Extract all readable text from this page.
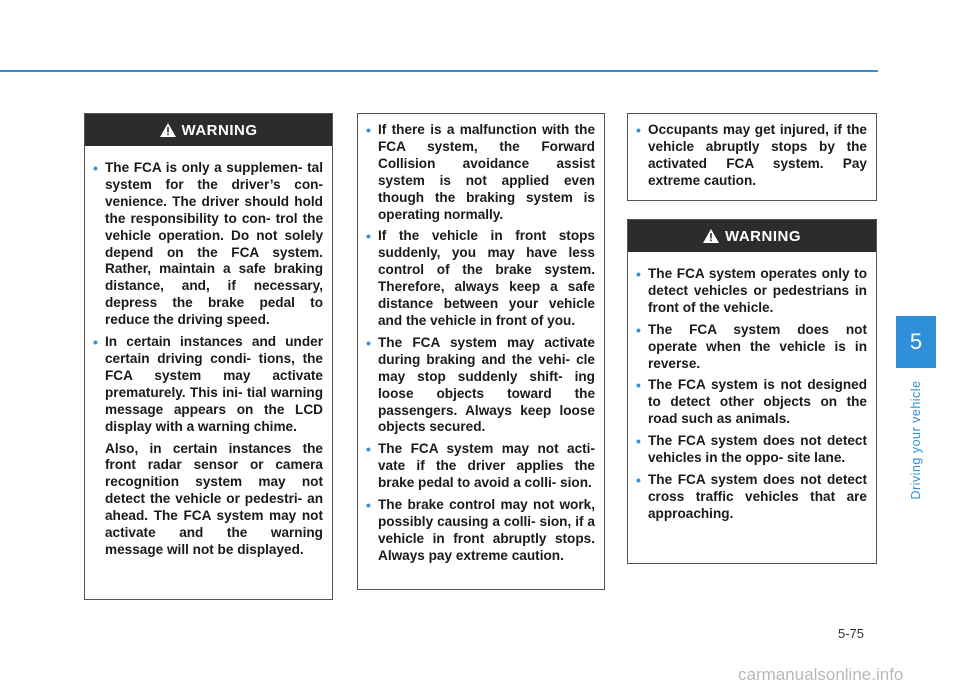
WARNING
• The FCA is only a supplemen- tal system for the driver’s con- venience. The driver should hold the responsibility to con- trol the vehicle operation. Do not solely depend on the FCA system. Rather, maintain a safe braking distance, and, if necessary, depress the brake pedal to reduce the driving speed.
• In certain instances and under certain driving condi- tions, the FCA system may activate prematurely. This ini- tial warning message appears on the LCD display with a warning chime.

Also, in certain instances the front radar sensor or camera recognition system may not detect the vehicle or pedestri- an ahead. The FCA system may not activate and the warning message will not be displayed.

• If there is a malfunction with the FCA system, the Forward Collision avoidance assist system is not applied even though the braking system is operating normally.
• If the vehicle in front stops suddenly, you may have less control of the brake system. Therefore, always keep a safe distance between your vehicle and the vehicle in front of you.
• The FCA system may activate during braking and the vehi- cle may stop suddenly shift- ing loose objects toward the passengers. Always keep loose objects secured.
• The FCA system may not acti- vate if the driver applies the brake pedal to avoid a colli- sion.
• The brake control may not work, possibly causing a colli- sion, if a vehicle in front abruptly stops. Always pay extreme caution.
• Occupants may get injured, if the vehicle abruptly stops by the activated FCA system. Pay extreme caution.
WARNING
• The FCA system operates only to detect vehicles or pedestrians in front of the vehicle.
• The FCA system does not operate when the vehicle is in reverse.
• The FCA system is not designed to detect other objects on the road such as animals.
• The FCA system does not detect vehicles in the oppo- site lane.
• The FCA system does not detect cross traffic vehicles that are approaching.
5
Driving your vehicle
5-75
carmanualsonline.info
